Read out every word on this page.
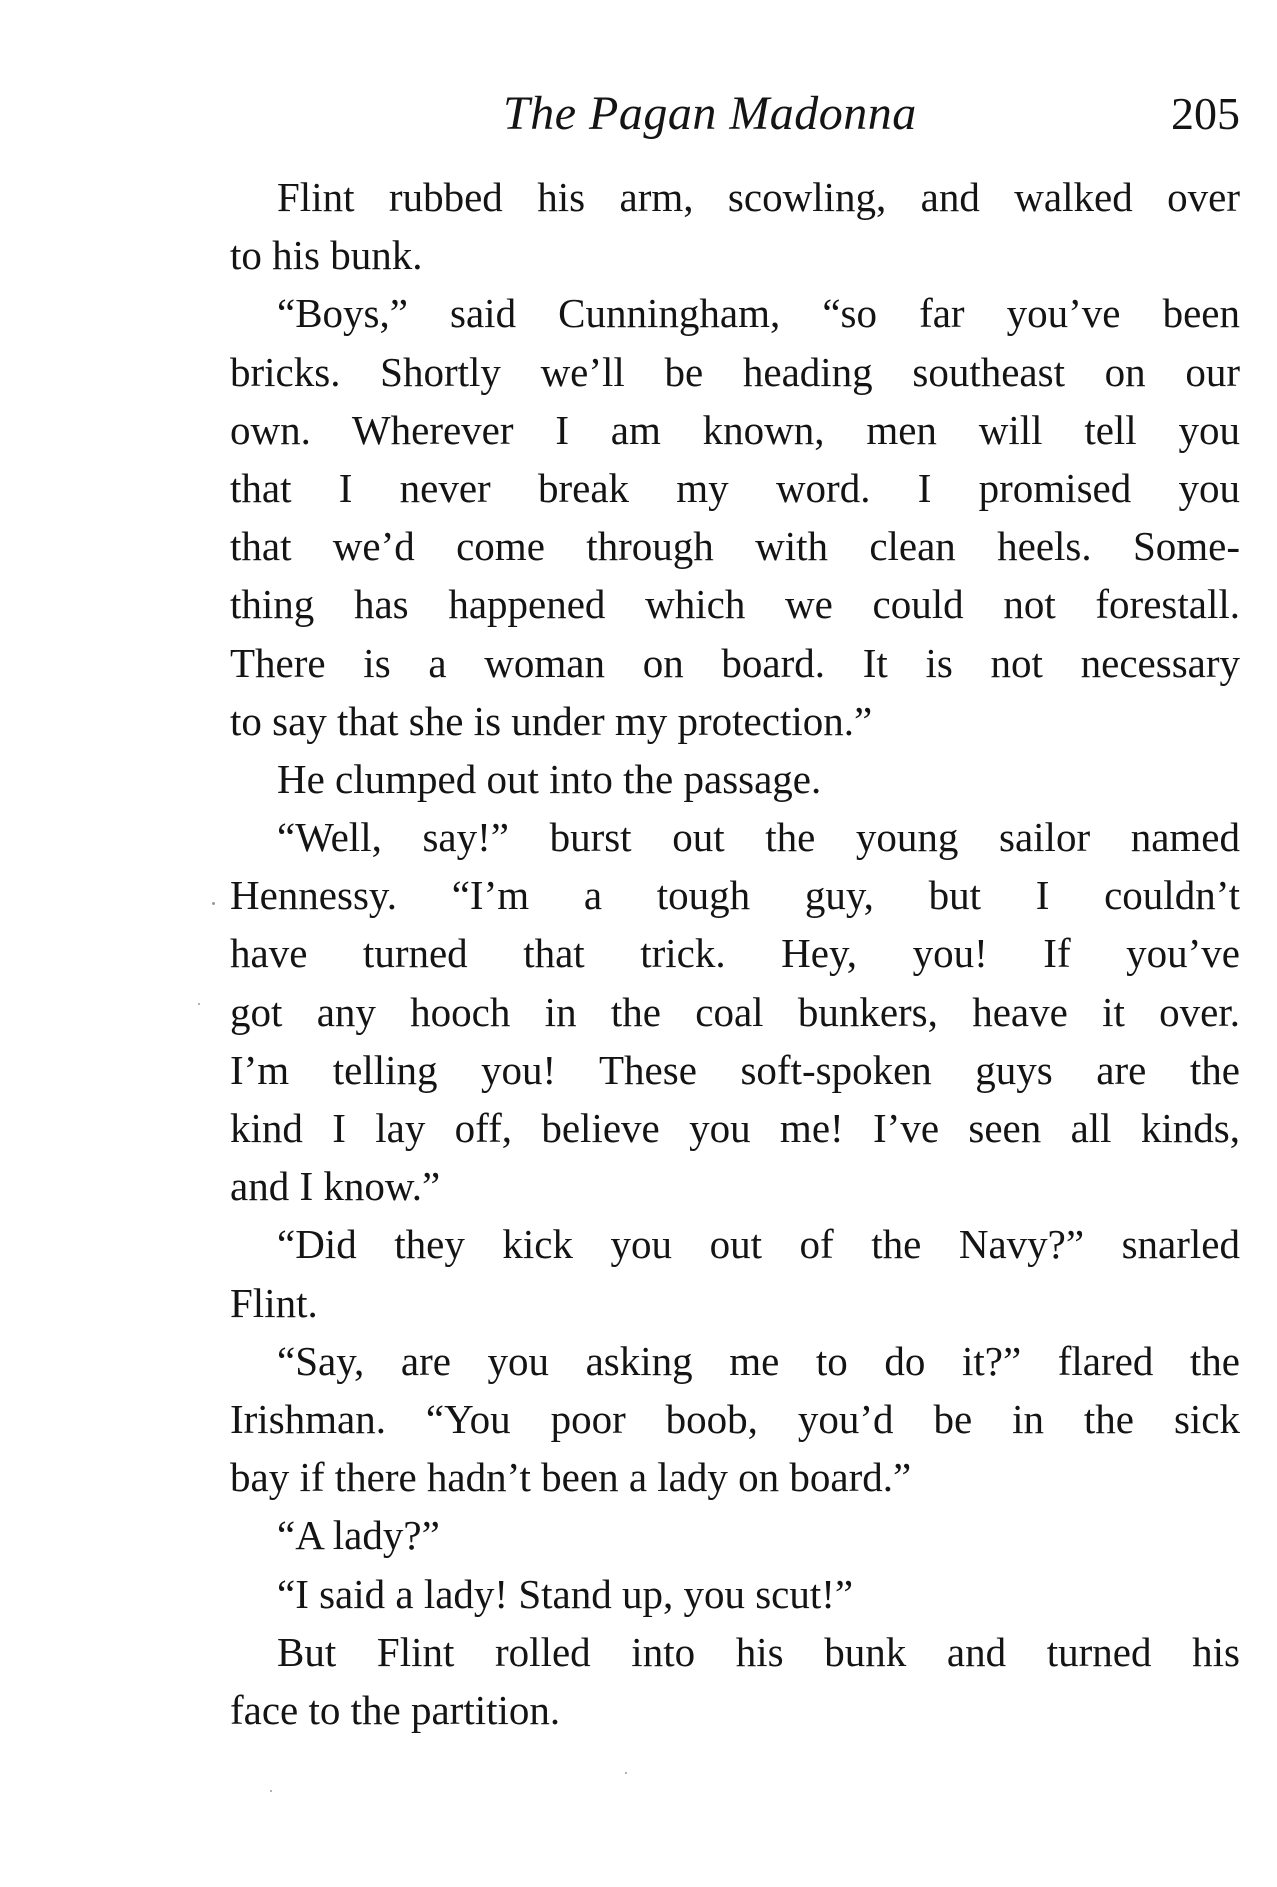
The Pagan Madonna	205
Flint rubbed his arm, scowling, and walked over
to his bunk.
“Boys,” said Cunningham, “so far you’ve been
bricks. Shortly we’ll be heading southeast on our
own. Wherever I am known, men will tell you
that I never break my word. I promised you
that we’d come through with clean heels. Some-
thing has happened which we could not forestall.
There is a woman on board. It is not necessary
to say that she is under my protection.”
He clumped out into the passage.
“Well, say!” burst out the young sailor named
Hennessy. “I’m a tough guy, but I couldn’t
have turned that trick. Hey, you! If you’ve
got any hooch in the coal bunkers, heave it over.
I’m telling you! These soft-spoken guys are the
kind I lay off, believe you me! I’ve seen all kinds,
and I know.”
“Did they kick you out of the Navy?” snarled
Flint.
“Say, are you asking me to do it?” flared the
Irishman. “You poor boob, you’d be in the sick
bay if there hadn’t been a lady on board.”
“A lady?”
“I said a lady! Stand up, you scut!”
But Flint rolled into his bunk and turned his
face to the partition.
